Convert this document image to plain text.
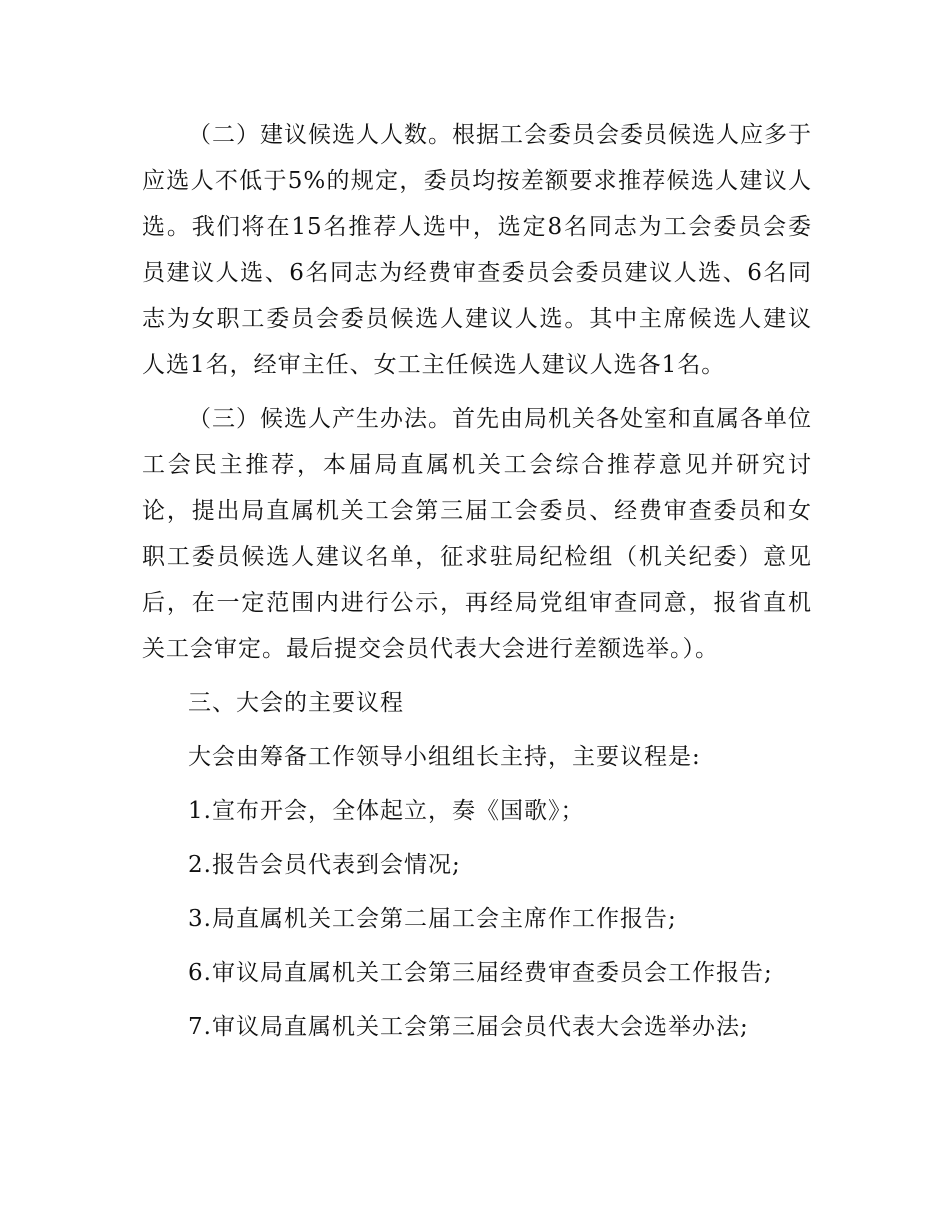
（二）建议候选人人数。根据工会委员会委员候选人应多于应选人不低于5%的规定，委员均按差额要求推荐候选人建议人选。我们将在15名推荐人选中，选定8名同志为工会委员会委员建议人选、6名同志为经费审查委员会委员建议人选、6名同志为女职工委员会委员候选人建议人选。其中主席候选人建议人选1名，经审主任、女工主任候选人建议人选各1名。

（三）候选人产生办法。首先由局机关各处室和直属各单位工会民主推荐，本届局直属机关工会综合推荐意见并研究讨论，提出局直属机关工会第三届工会委员、经费审查委员和女职工委员候选人建议名单，征求驻局纪检组（机关纪委）意见后，在一定范围内进行公示，再经局党组审查同意，报省直机关工会审定。最后提交会员代表大会进行差额选举。）。

三、大会的主要议程

大会由筹备工作领导小组组长主持，主要议程是:

1.宣布开会，全体起立，奏《国歌》；

2.报告会员代表到会情况;

3.局直属机关工会第二届工会主席作工作报告;

6.审议局直属机关工会第三届经费审查委员会工作报告;

7.审议局直属机关工会第三届会员代表大会选举办法;
